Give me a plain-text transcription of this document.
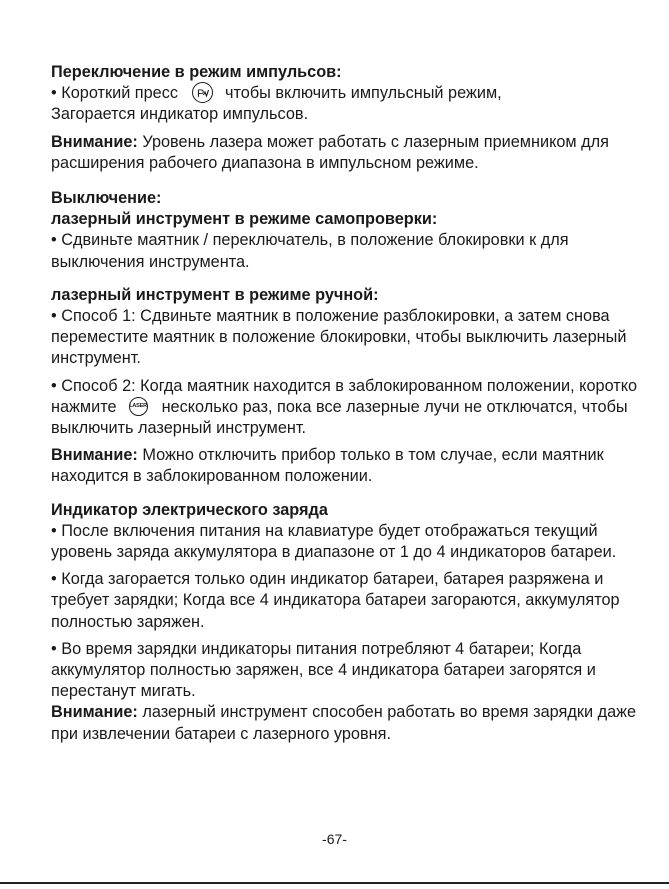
Переключение в режим импульсов:
• Короткий пресс P чтобы включить импульсный режим,
Загорается индикатор импульсов.
Внимание: Уровень лазера может работать с лазерным приемником для расширения рабочего диапазона в импульсном режиме.
Выключение:
лазерный инструмент в режиме самопроверки:
• Сдвиньте маятник / переключатель, в положение блокировки к для выключения инструмента.
лазерный инструмент в режиме ручной:
• Способ 1: Сдвиньте маятник в положение разблокировки, а затем снова переместите маятник в положение блокировки, чтобы выключить лазерный инструмент.
• Способ 2: Когда маятник находится в заблокированном положении, коротко нажмите LASER несколько раз, пока все лазерные лучи не отключатся, чтобы выключить лазерный инструмент.
Внимание: Можно отключить прибор только в том случае, если маятник находится в заблокированном положении.
Индикатор электрического заряда
• После включения питания на клавиатуре будет отображаться текущий уровень заряда аккумулятора в диапазоне от 1 до 4 индикаторов батареи.
• Когда загорается только один индикатор батареи, батарея разряжена и требует зарядки; Когда все 4 индикатора батареи загораются, аккумулятор полностью заряжен.
• Во время зарядки индикаторы питания потребляют 4 батареи; Когда аккумулятор полностью заряжен, все 4 индикатора батареи загорятся и перестанут мигать.
Внимание: лазерный инструмент способен работать во время зарядки даже при извлечении батареи с лазерного уровня.
-67-
